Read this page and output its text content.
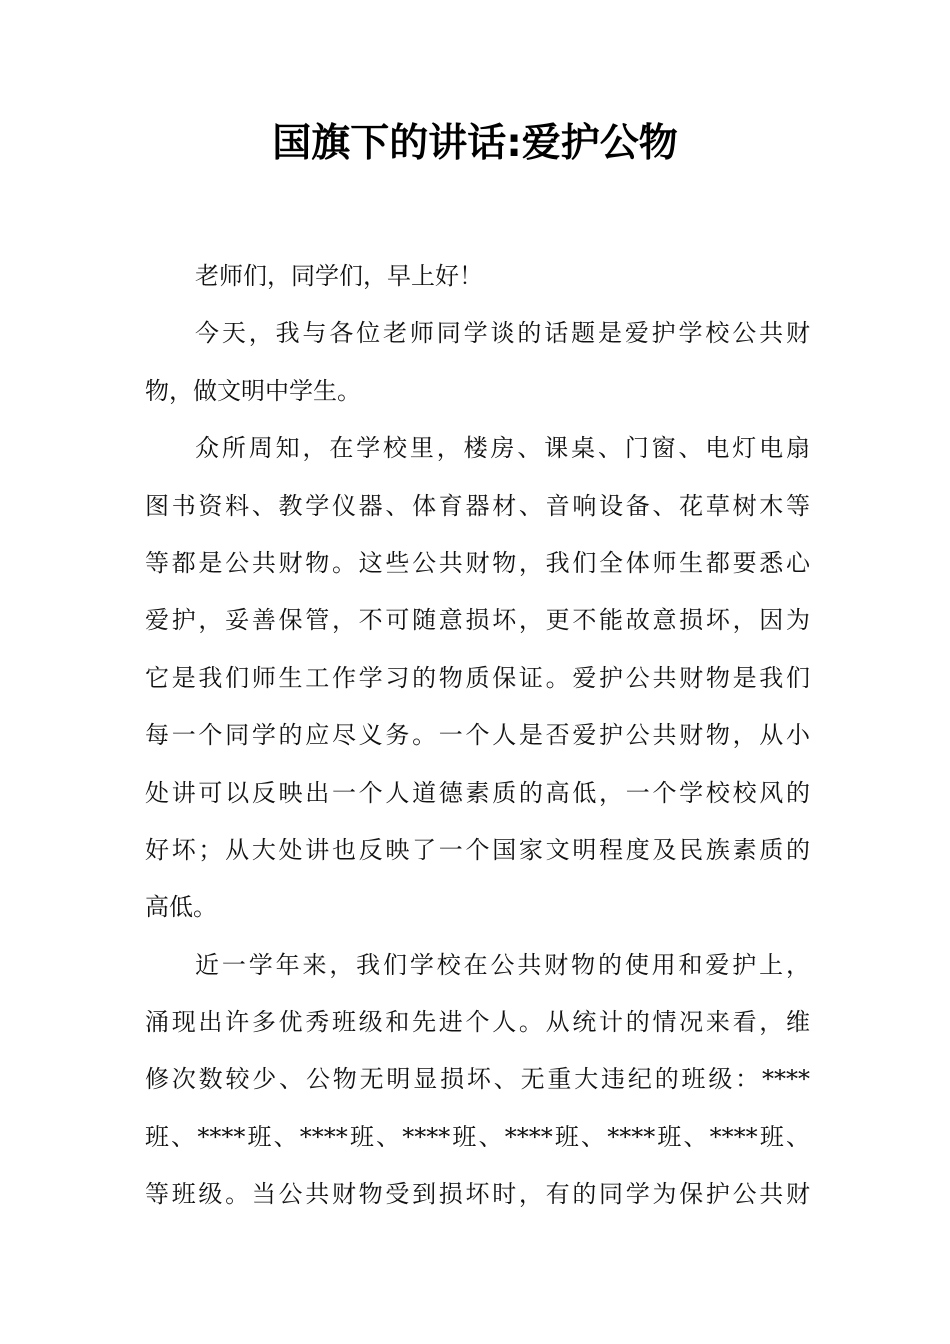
国旗下的讲话:爱护公物
老师们，同学们，早上好！
今天，我与各位老师同学谈的话题是爱护学校公共财
物，做文明中学生。
众所周知，在学校里，楼房、课桌、门窗、电灯电扇
图书资料、教学仪器、体育器材、音响设备、花草树木等
等都是公共财物。这些公共财物，我们全体师生都要悉心
爱护，妥善保管，不可随意损坏，更不能故意损坏，因为
它是我们师生工作学习的物质保证。爱护公共财物是我们
每一个同学的应尽义务。一个人是否爱护公共财物，从小
处讲可以反映出一个人道德素质的高低，一个学校校风的
好坏；从大处讲也反映了一个国家文明程度及民族素质的
高低。
近一学年来，我们学校在公共财物的使用和爱护上，
涌现出许多优秀班级和先进个人。从统计的情况来看，维
修次数较少、公物无明显损坏、无重大违纪的班级：****
班、****班、****班、****班、****班、****班、****班、
等班级。当公共财物受到损坏时，有的同学为保护公共财
